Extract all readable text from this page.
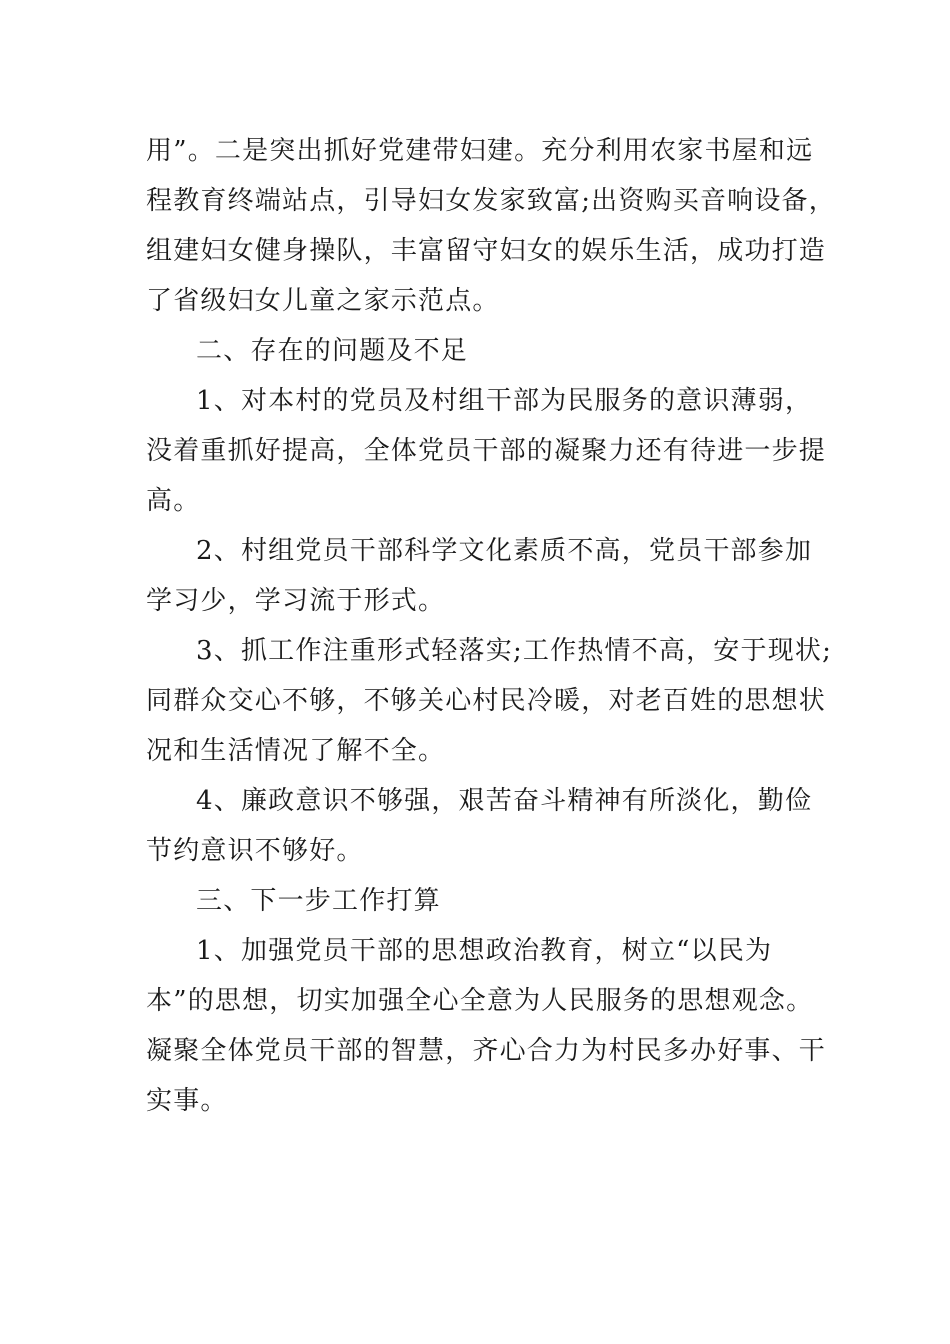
用”。二是突出抓好党建带妇建。充分利用农家书屋和远
程教育终端站点，引导妇女发家致富;出资购买音响设备，
组建妇女健身操队，丰富留守妇女的娱乐生活，成功打造
了省级妇女儿童之家示范点。
二、存在的问题及不足
1、对本村的党员及村组干部为民服务的意识薄弱，
没着重抓好提高，全体党员干部的凝聚力还有待进一步提
高。
2、村组党员干部科学文化素质不高，党员干部参加
学习少，学习流于形式。
3、抓工作注重形式轻落实;工作热情不高，安于现状;
同群众交心不够，不够关心村民冷暖，对老百姓的思想状
况和生活情况了解不全。
4、廉政意识不够强，艰苦奋斗精神有所淡化，勤俭
节约意识不够好。
三、下一步工作打算
1、加强党员干部的思想政治教育，树立“以民为
本”的思想，切实加强全心全意为人民服务的思想观念。
凝聚全体党员干部的智慧，齐心合力为村民多办好事、干
实事。
